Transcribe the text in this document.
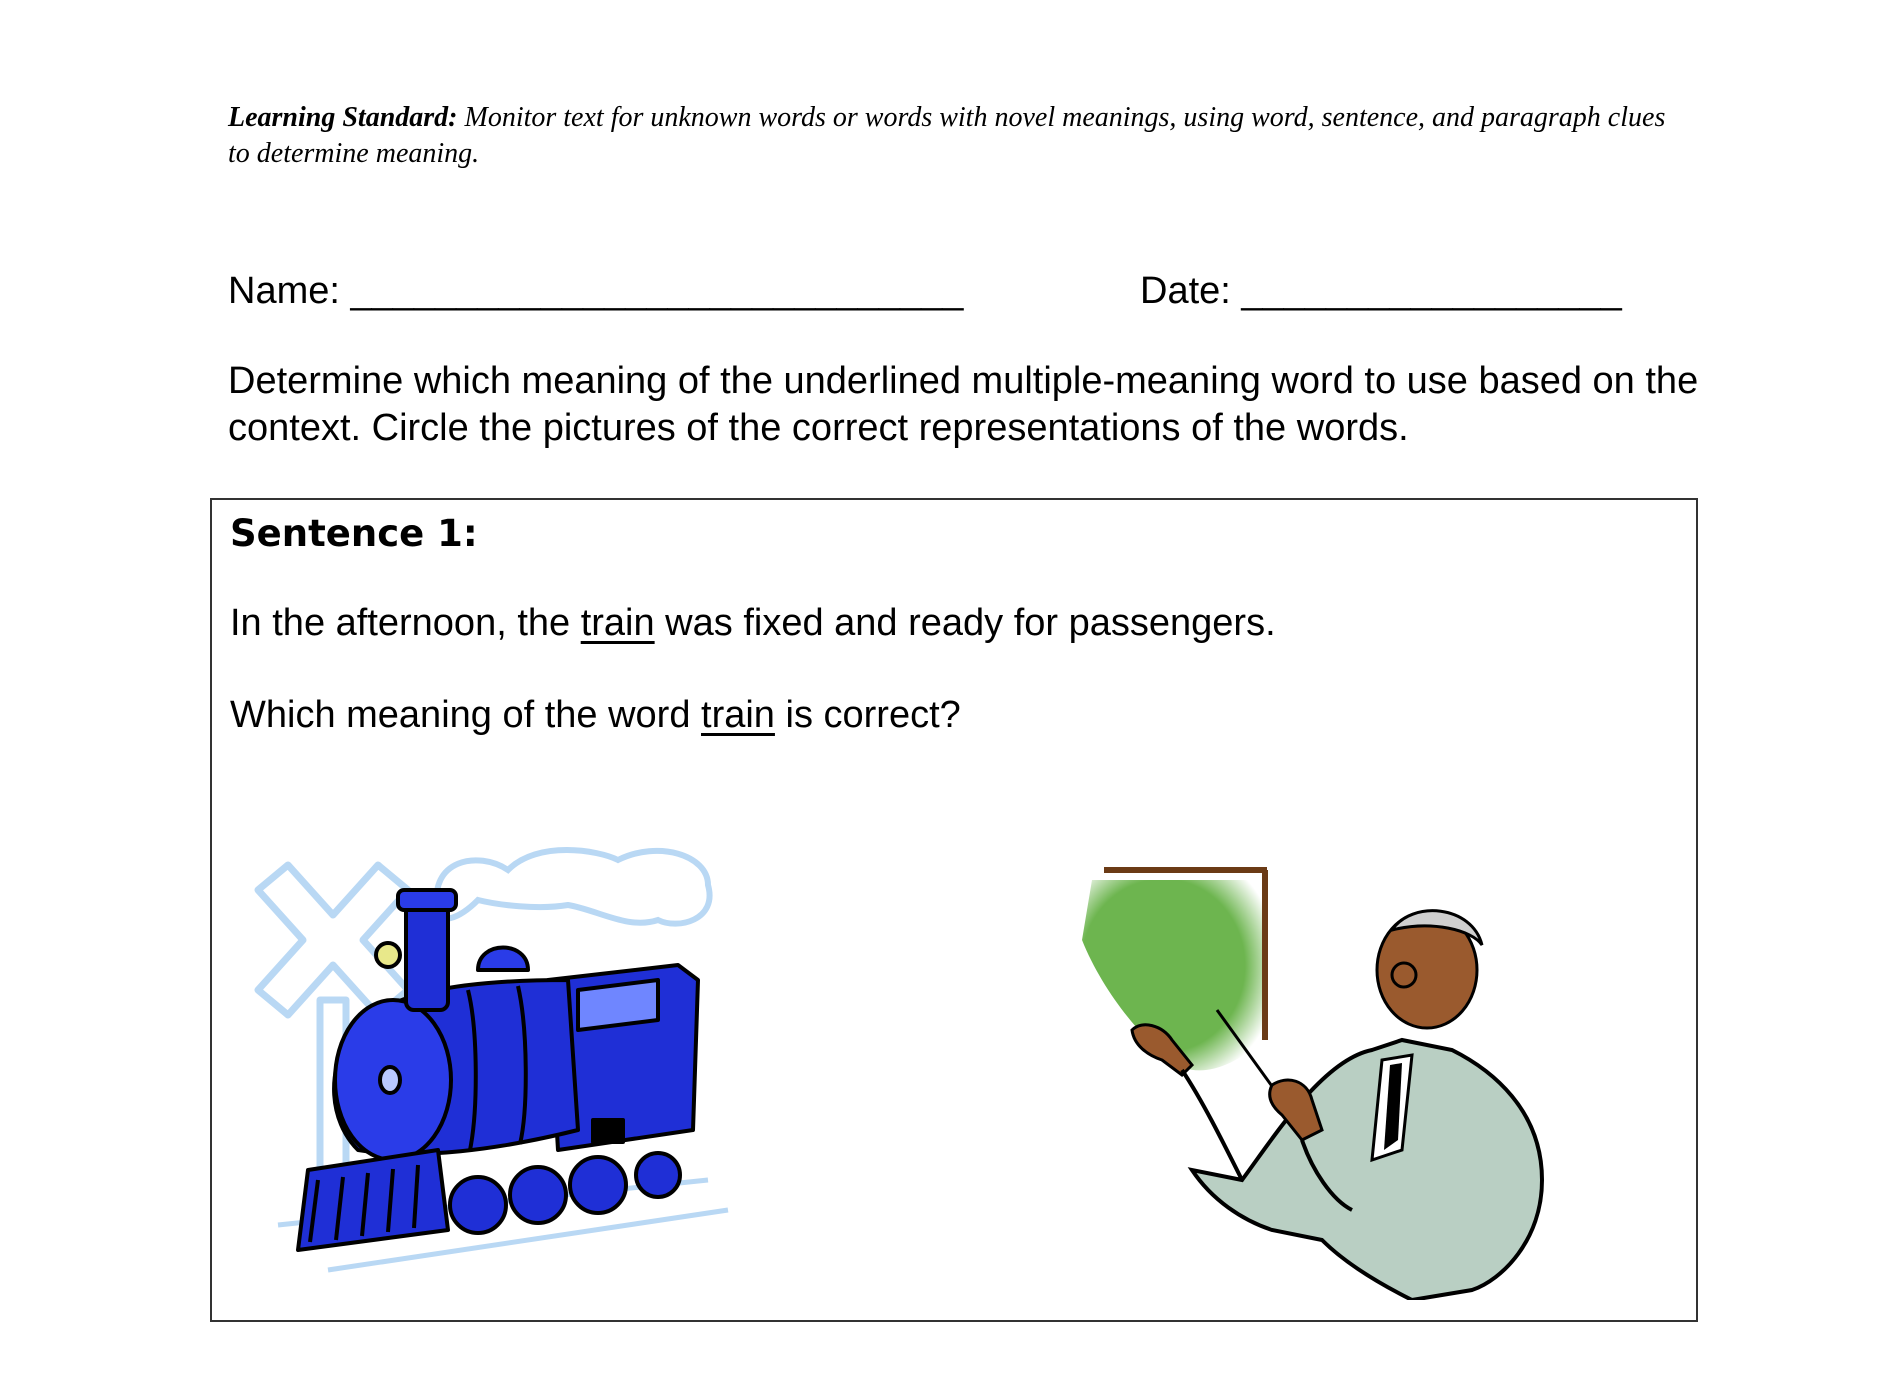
Learning Standard: Monitor text for unknown words or words with novel meanings, using word, sentence, and paragraph clues to determine meaning.
Name: _____________________________	Date: __________________
Determine which meaning of the underlined multiple-meaning word to use based on the context. Circle the pictures of the correct representations of the words.
Sentence 1:
In the afternoon, the train was fixed and ready for passengers.
Which meaning of the word train is correct?
